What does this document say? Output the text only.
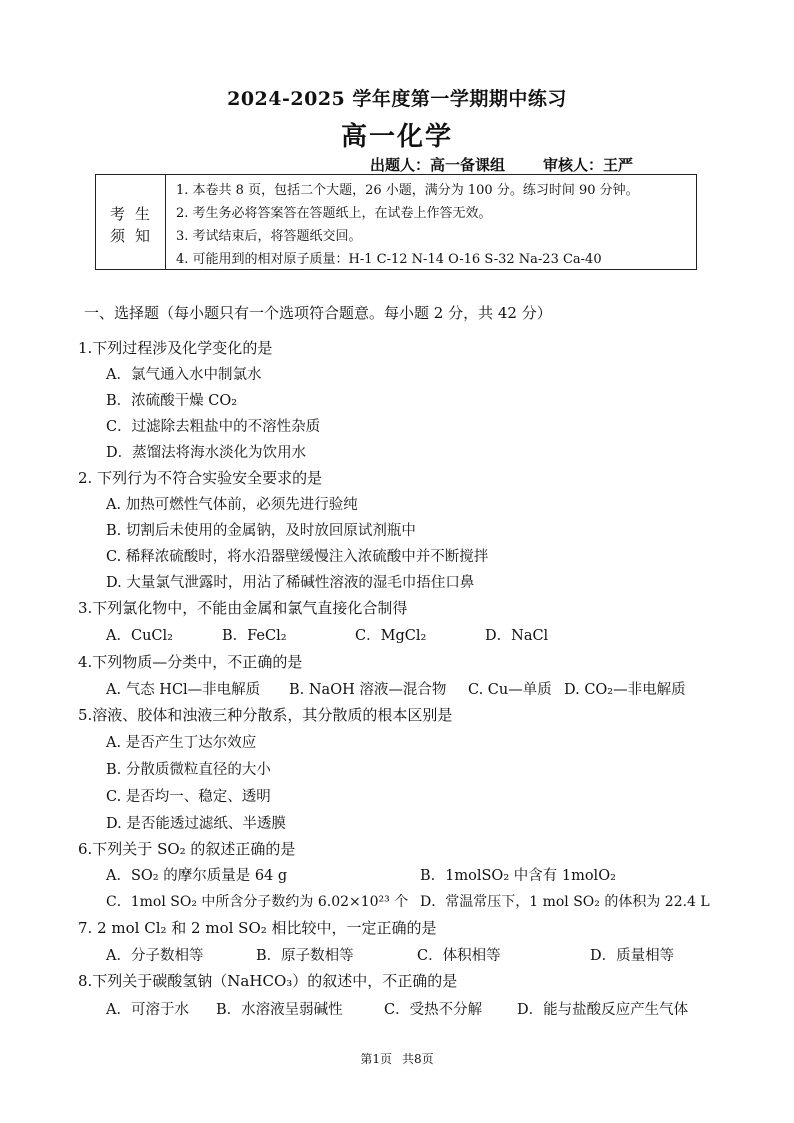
2024-2025 学年度第一学期期中练习
高一化学
出题人：高一备课组	审核人：王严
考生
须知
1. 本卷共 8 页，包括二个大题，26 小题，满分为 100 分。练习时间 90 分钟。
2. 考生务必将答案答在答题纸上，在试卷上作答无效。
3. 考试结束后，将答题纸交回。
4. 可能用到的相对原子质量：H-1 C-12 N-14 O-16 S-32 Na-23 Ca-40
一、选择题（每小题只有一个选项符合题意。每小题 2 分，共 42 分）
1.下列过程涉及化学变化的是
A．氯气通入水中制氯水
B．浓硫酸干燥 CO₂
C．过滤除去粗盐中的不溶性杂质
D．蒸馏法将海水淡化为饮用水
2. 下列行为不符合实验安全要求的是
A. 加热可燃性气体前，必须先进行验纯
B. 切割后未使用的金属钠，及时放回原试剂瓶中
C. 稀释浓硫酸时，将水沿器壁缓慢注入浓硫酸中并不断搅拌
D. 大量氯气泄露时，用沾了稀碱性溶液的湿毛巾捂住口鼻
3.下列氯化物中，不能由金属和氯气直接化合制得
A．CuCl₂	B．FeCl₂	C．MgCl₂	D．NaCl
4.下列物质—分类中，不正确的是
A. 气态 HCl—非电解质 B. NaOH 溶液—混合物 C. Cu—单质 D. CO₂—非电解质
5.溶液、胶体和浊液三种分散系，其分散质的根本区别是
A. 是否产生丁达尔效应
B. 分散质微粒直径的大小
C. 是否均一、稳定、透明
D. 是否能透过滤纸、半透膜
6.下列关于 SO₂ 的叙述正确的是
A．SO₂ 的摩尔质量是 64 g	B．1molSO₂ 中含有 1molO₂
C．1mol SO₂ 中所含分子数约为 6.02×10²³ 个 D．常温常压下，1 mol SO₂ 的体积为 22.4 L
7. 2 mol Cl₂ 和 2 mol SO₂ 相比较中，一定正确的是
A．分子数相等	B．原子数相等	C．体积相等	D．质量相等
8.下列关于碳酸氢钠（NaHCO₃）的叙述中，不正确的是
A．可溶于水 B．水溶液呈弱碱性	C．受热不分解 D．能与盐酸反应产生气体
第1页 共8页
